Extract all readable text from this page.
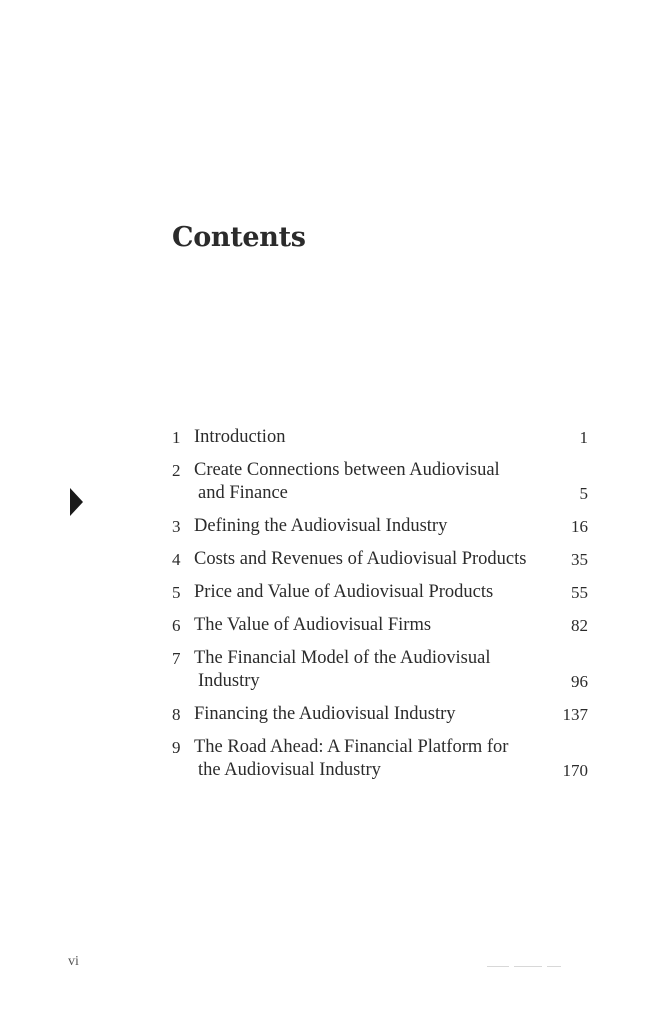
Contents
1 Introduction	1
2 Create Connections between Audiovisual
and Finance	5
3 Defining the Audiovisual Industry	16
4 Costs and Revenues of Audiovisual Products	35
5 Price and Value of Audiovisual Products	55
6 The Value of Audiovisual Firms	82
7 The Financial Model of the Audiovisual
Industry	96
8 Financing the Audiovisual Industry	137
9 The Road Ahead: A Financial Platform for
the Audiovisual Industry	170
vi
